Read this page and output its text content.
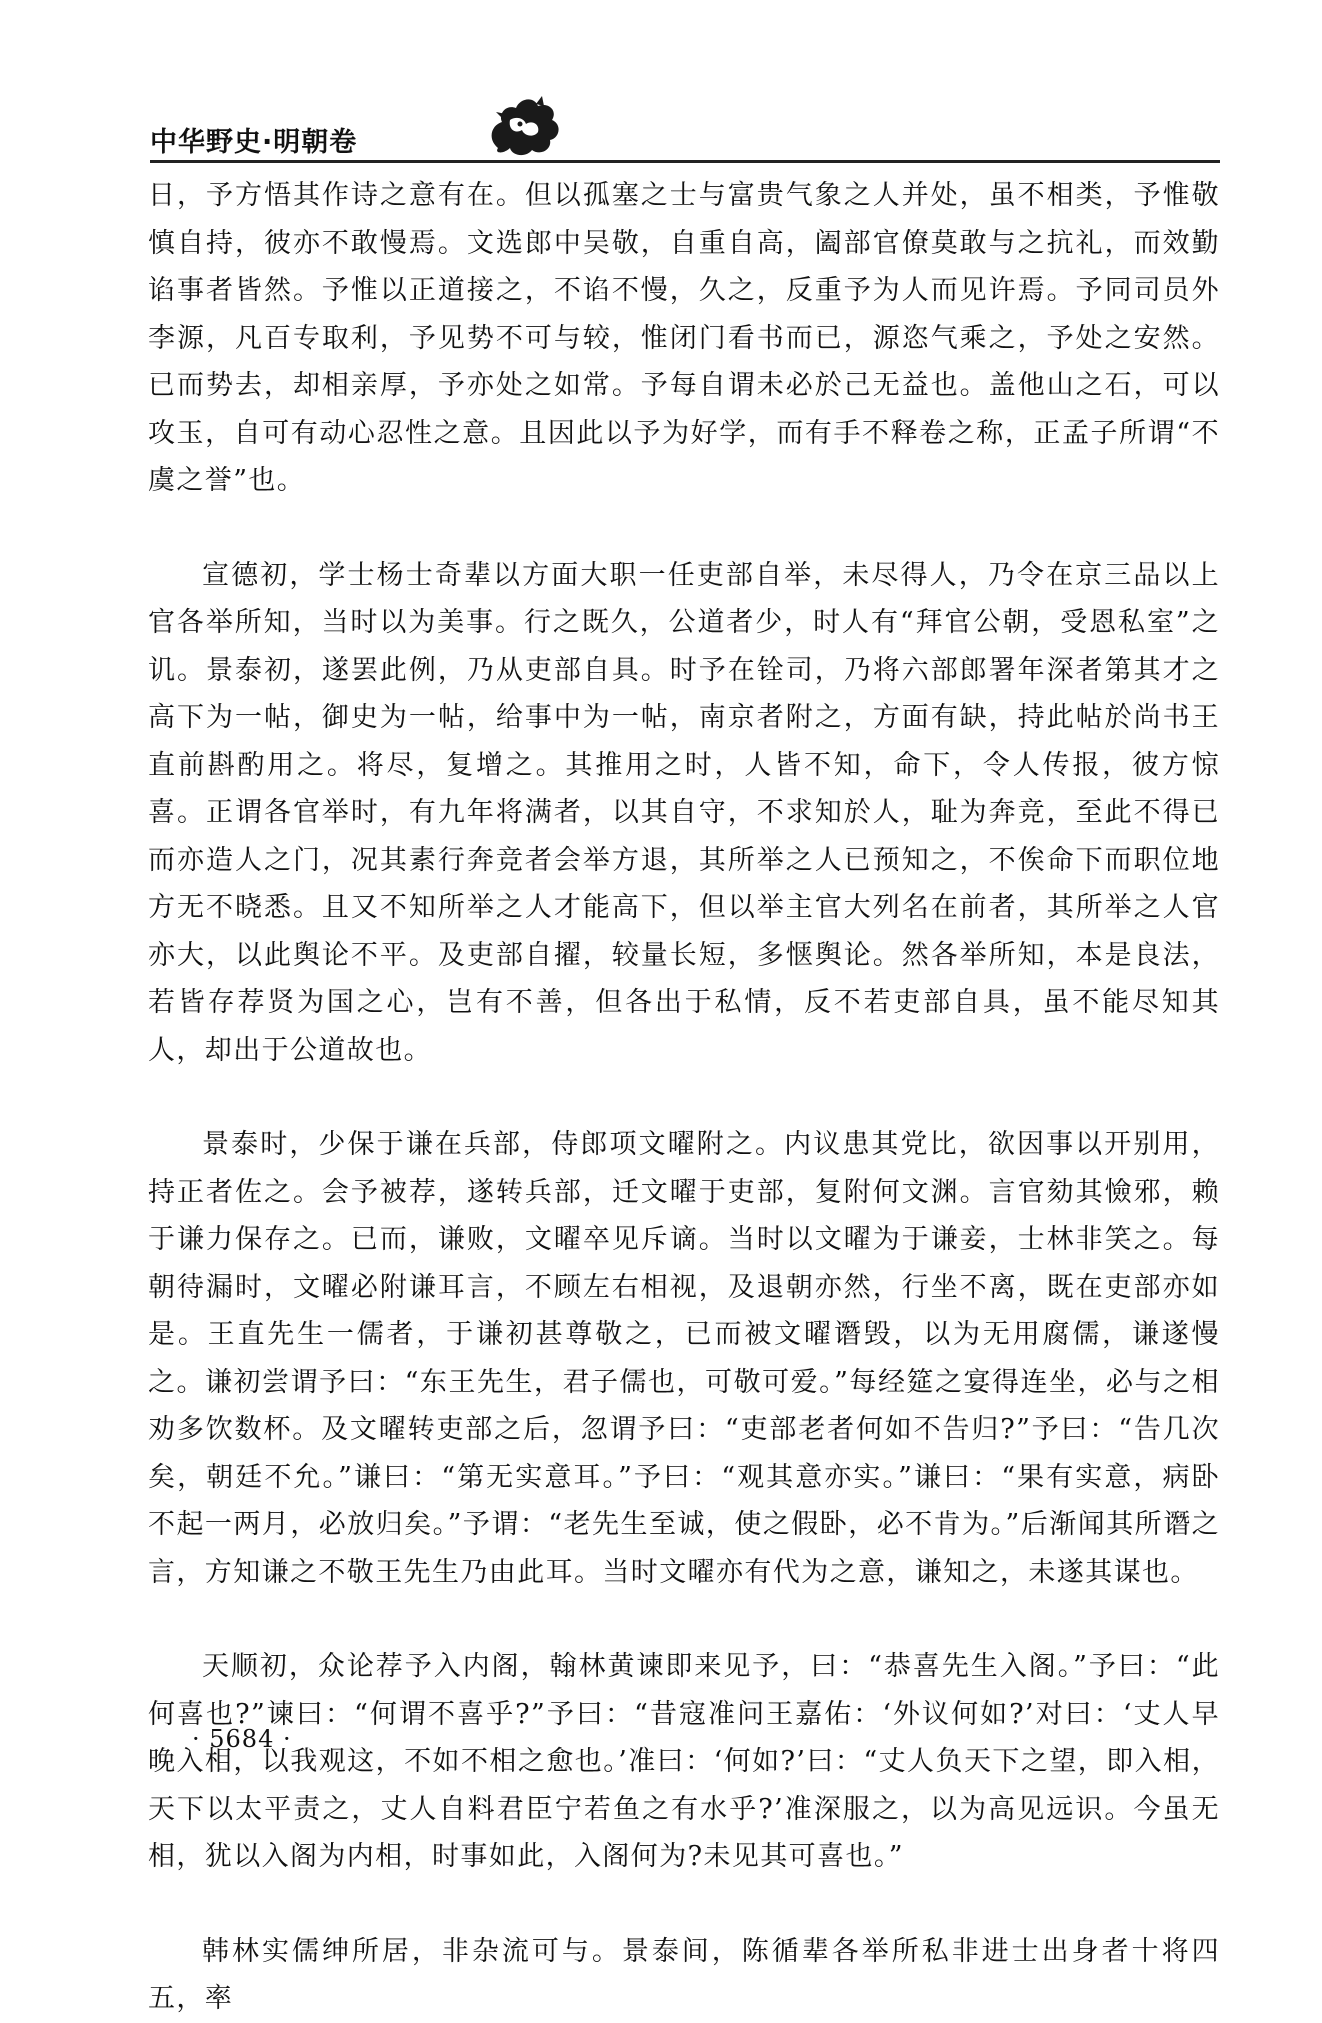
中华野史·明朝卷

日，予方悟其作诗之意有在。但以孤塞之士与富贵气象之人并处，虽不相类，予惟敬慎自持，彼亦不敢慢焉。文选郎中吴敬，自重自高，阖部官僚莫敢与之抗礼，而效勤谄事者皆然。予惟以正道接之，不谄不慢，久之，反重予为人而见许焉。予同司员外李源，凡百专取利，予见势不可与较，惟闭门看书而已，源恣气乘之，予处之安然。已而势去，却相亲厚，予亦处之如常。予每自谓未必於己无益也。盖他山之石，可以攻玉，自可有动心忍性之意。且因此以予为好学，而有手不释卷之称，正孟子所谓“不虞之誉”也。

宣德初，学士杨士奇辈以方面大职一任吏部自举，未尽得人，乃令在京三品以上官各举所知，当时以为美事。行之既久，公道者少，时人有“拜官公朝，受恩私室”之讥。景泰初，遂罢此例，乃从吏部自具。时予在铨司，乃将六部郎署年深者第其才之高下为一帖，御史为一帖，给事中为一帖，南京者附之，方面有缺，持此帖於尚书王直前斟酌用之。将尽，复增之。其推用之时，人皆不知，命下，令人传报，彼方惊喜。正谓各官举时，有九年将满者，以其自守，不求知於人，耻为奔竞，至此不得已而亦造人之门，况其素行奔竞者会举方退，其所举之人已预知之，不俟命下而职位地方无不晓悉。且又不知所举之人才能高下，但以举主官大列名在前者，其所举之人官亦大，以此舆论不平。及吏部自擢，较量长短，多惬舆论。然各举所知，本是良法，若皆存荐贤为国之心，岂有不善，但各出于私情，反不若吏部自具，虽不能尽知其人，却出于公道故也。

景泰时，少保于谦在兵部，侍郎项文曜附之。内议患其党比，欲因事以开别用，持正者佐之。会予被荐，遂转兵部，迁文曜于吏部，复附何文渊。言官劾其憸邪，赖于谦力保存之。已而，谦败，文曜卒见斥谪。当时以文曜为于谦妾，士林非笑之。每朝待漏时，文曜必附谦耳言，不顾左右相视，及退朝亦然，行坐不离，既在吏部亦如是。王直先生一儒者，于谦初甚尊敬之，已而被文曜谮毁，以为无用腐儒，谦遂慢之。谦初尝谓予曰：“东王先生，君子儒也，可敬可爱。”每经筵之宴得连坐，必与之相劝多饮数杯。及文曜转吏部之后，忽谓予曰：“吏部老者何如不告归?”予曰：“告几次矣，朝廷不允。”谦曰：“第无实意耳。”予曰：“观其意亦实。”谦曰：“果有实意，病卧不起一两月，必放归矣。”予谓：“老先生至诚，使之假卧，必不肯为。”后渐闻其所谮之言，方知谦之不敬王先生乃由此耳。当时文曜亦有代为之意，谦知之，未遂其谋也。

天顺初，众论荐予入内阁，翰林黄谏即来见予，曰：“恭喜先生入阁。”予曰：“此何喜也?”谏曰：“何谓不喜乎?”予曰：“昔寇准问王嘉佑：‘外议何如?’对曰：‘丈人早晚入相，以我观这，不如不相之愈也。’准曰：‘何如?’曰：“丈人负天下之望，即入相，天下以太平责之，丈人自料君臣宁若鱼之有水乎?’准深服之，以为高见远识。今虽无相，犹以入阁为内相，时事如此，入阁何为?未见其可喜也。”

韩林实儒绅所居，非杂流可与。景泰间，陈循辈各举所私非进士出身者十将四五，率

· 5684 ·
